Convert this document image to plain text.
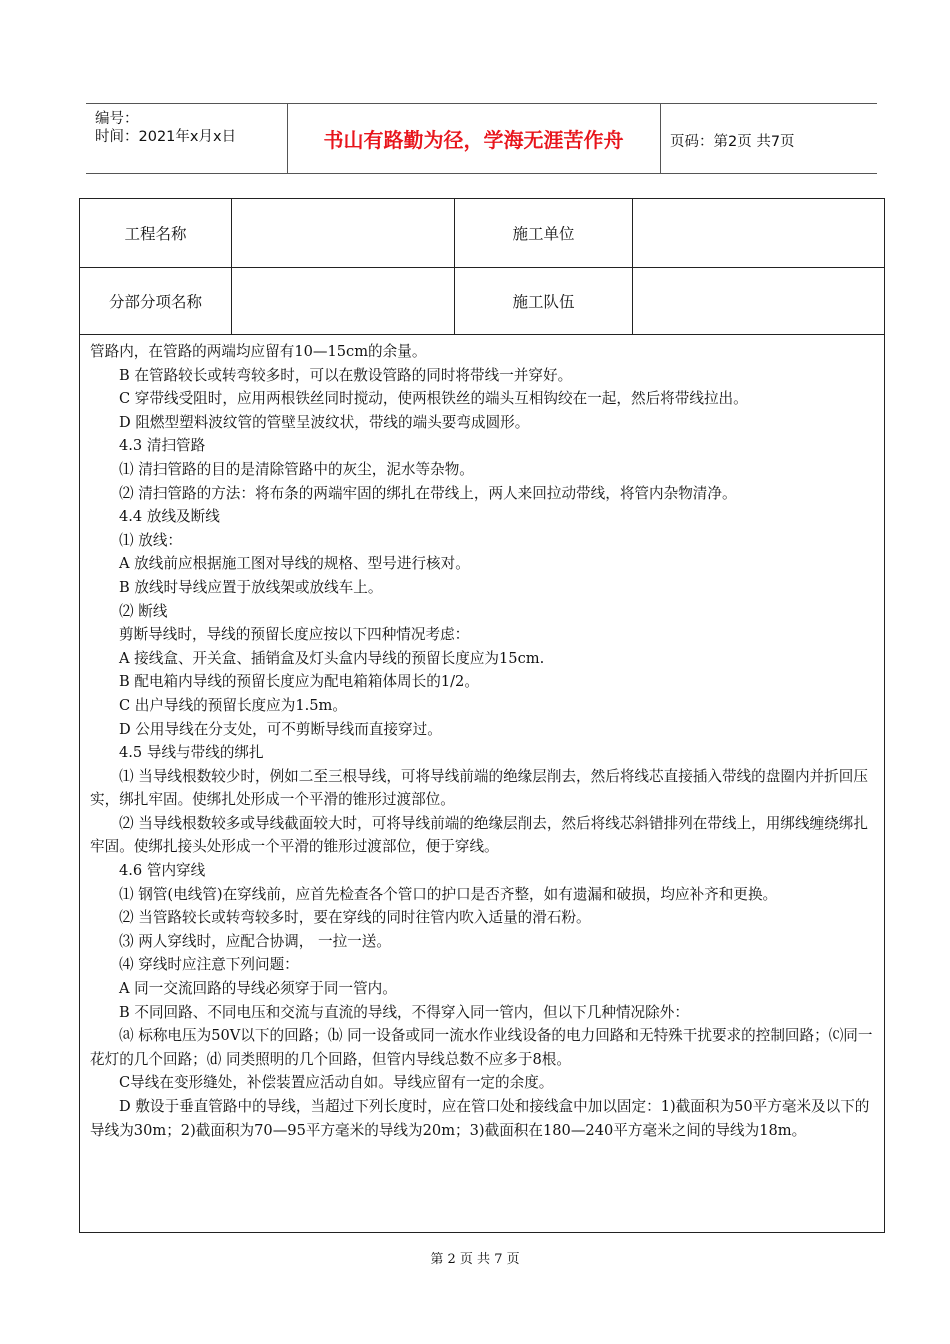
编号：
时间：2021年x月x日	书山有路勤为径，学海无涯苦作舟	页码：第2页 共7页
工程名称	施工单位
分部分项名称	施工队伍

管路内，在管路的两端均应留有10—15cm的余量。

B 在管路较长或转弯较多时，可以在敷设管路的同时将带线一并穿好。

C 穿带线受阻时，应用两根铁丝同时搅动，使两根铁丝的端头互相钩绞在一起，然后将带线拉出。

D 阻燃型塑料波纹管的管壁呈波纹状，带线的端头要弯成圆形。

4.3 清扫管路

⑴ 清扫管路的目的是清除管路中的灰尘，泥水等杂物。

⑵ 清扫管路的方法：将布条的两端牢固的绑扎在带线上，两人来回拉动带线，将管内杂物清净。

4.4 放线及断线

⑴ 放线：

A 放线前应根据施工图对导线的规格、型号进行核对。

B 放线时导线应置于放线架或放线车上。

⑵ 断线

剪断导线时，导线的预留长度应按以下四种情况考虑：

A 接线盒、开关盒、插销盒及灯头盒内导线的预留长度应为15cm.

B 配电箱内导线的预留长度应为配电箱箱体周长的1/2。

C 出户导线的预留长度应为1.5m。

D 公用导线在分支处，可不剪断导线而直接穿过。

4.5 导线与带线的绑扎

⑴ 当导线根数较少时，例如二至三根导线，可将导线前端的绝缘层削去，然后将线芯直接插入带线的盘圈内并折回压实，绑扎牢固。使绑扎处形成一个平滑的锥形过渡部位。

⑵ 当导线根数较多或导线截面较大时，可将导线前端的绝缘层削去，然后将线芯斜错排列在带线上，用绑线缠绕绑扎牢固。使绑扎接头处形成一个平滑的锥形过渡部位，便于穿线。

4.6 管内穿线

⑴ 钢管(电线管)在穿线前，应首先检查各个管口的护口是否齐整，如有遗漏和破损，均应补齐和更换。

⑵ 当管路较长或转弯较多时，要在穿线的同时往管内吹入适量的滑石粉。

⑶ 两人穿线时，应配合协调， 一拉一送。

⑷ 穿线时应注意下列问题：

A 同一交流回路的导线必须穿于同一管内。

B 不同回路、不同电压和交流与直流的导线，不得穿入同一管内，但以下几种情况除外：

⒜ 标称电压为50V以下的回路；⒝ 同一设备或同一流水作业线设备的电力回路和无特殊干扰要求的控制回路；⒞同一花灯的几个回路；⒟ 同类照明的几个回路，但管内导线总数不应多于8根。

C导线在变形缝处，补偿装置应活动自如。导线应留有一定的余度。

D 敷设于垂直管路中的导线，当超过下列长度时，应在管口处和接线盒中加以固定：1)截面积为50平方毫米及以下的导线为30m；2)截面积为70—95平方毫米的导线为20m；3)截面积在180—240平方毫米之间的导线为18m。

第 2 页 共 7 页
